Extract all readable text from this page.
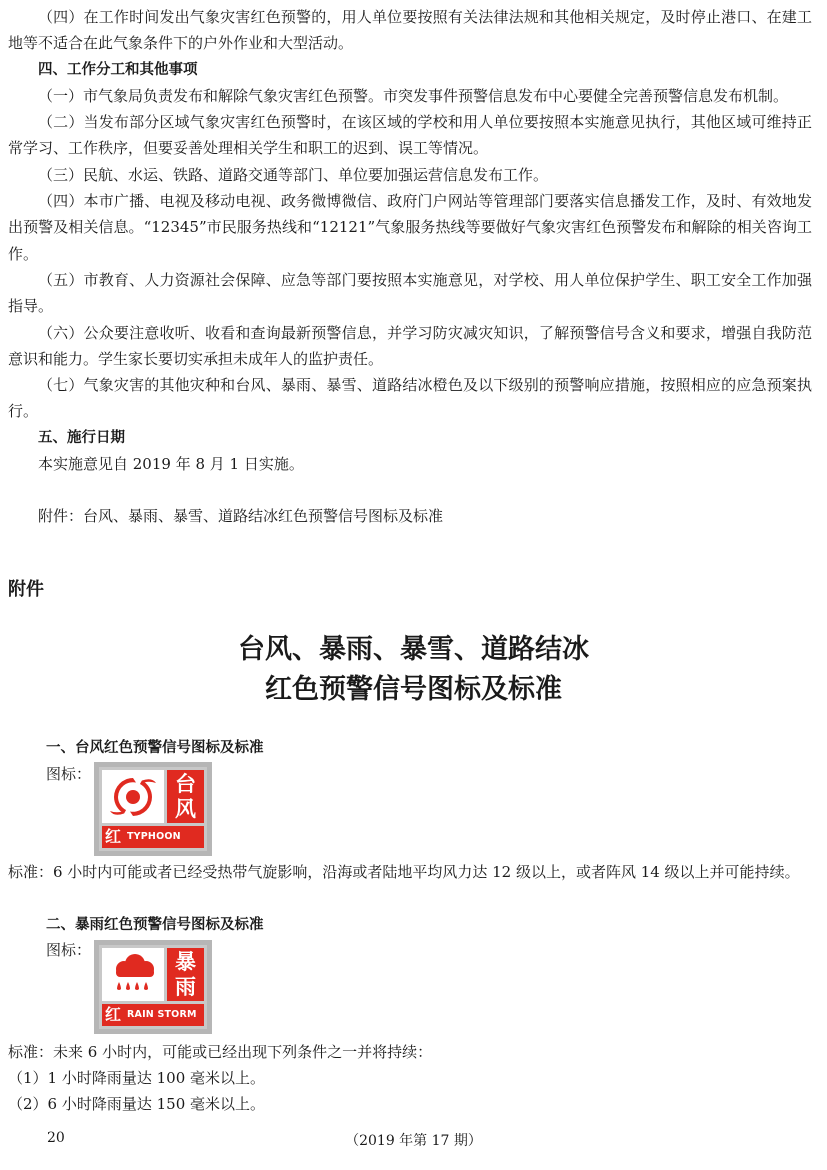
（四）在工作时间发出气象灾害红色预警的，用人单位要按照有关法律法规和其他相关规定，及时停止港口、在建工地等不适合在此气象条件下的户外作业和大型活动。

四、工作分工和其他事项

（一）市气象局负责发布和解除气象灾害红色预警。市突发事件预警信息发布中心要健全完善预警信息发布机制。

（二）当发布部分区域气象灾害红色预警时，在该区域的学校和用人单位要按照本实施意见执行，其他区域可维持正常学习、工作秩序，但要妥善处理相关学生和职工的迟到、误工等情况。

（三）民航、水运、铁路、道路交通等部门、单位要加强运营信息发布工作。

（四）本市广播、电视及移动电视、政务微博微信、政府门户网站等管理部门要落实信息播发工作，及时、有效地发出预警及相关信息。“12345”市民服务热线和“12121”气象服务热线等要做好气象灾害红色预警发布和解除的相关咨询工作。

（五）市教育、人力资源社会保障、应急等部门要按照本实施意见，对学校、用人单位保护学生、职工安全工作加强指导。

（六）公众要注意收听、收看和查询最新预警信息，并学习防灾减灾知识，了解预警信号含义和要求，增强自我防范意识和能力。学生家长要切实承担未成年人的监护责任。

（七）气象灾害的其他灾种和台风、暴雨、暴雪、道路结冰橙色及以下级别的预警响应措施，按照相应的应急预案执行。

五、施行日期

本实施意见自 2019 年 8 月 1 日实施。

附件：台风、暴雨、暴雪、道路结冰红色预警信号图标及标准

附件
台风、暴雨、暴雪、道路结冰
红色预警信号图标及标准
一、台风红色预警信号图标及标准
图标：	台
风
红 TYPHOON

标准：6 小时内可能或者已经受热带气旋影响，沿海或者陆地平均风力达 12 级以上，或者阵风 14 级以上并可能持续。

二、暴雨红色预警信号图标及标准
图标：	暴
雨
红 RAIN STORM

标准：未来 6 小时内，可能或已经出现下列条件之一并将持续：

（1）1 小时降雨量达 100 毫米以上。

（2）6 小时降雨量达 150 毫米以上。

20	（2019 年第 17 期）
